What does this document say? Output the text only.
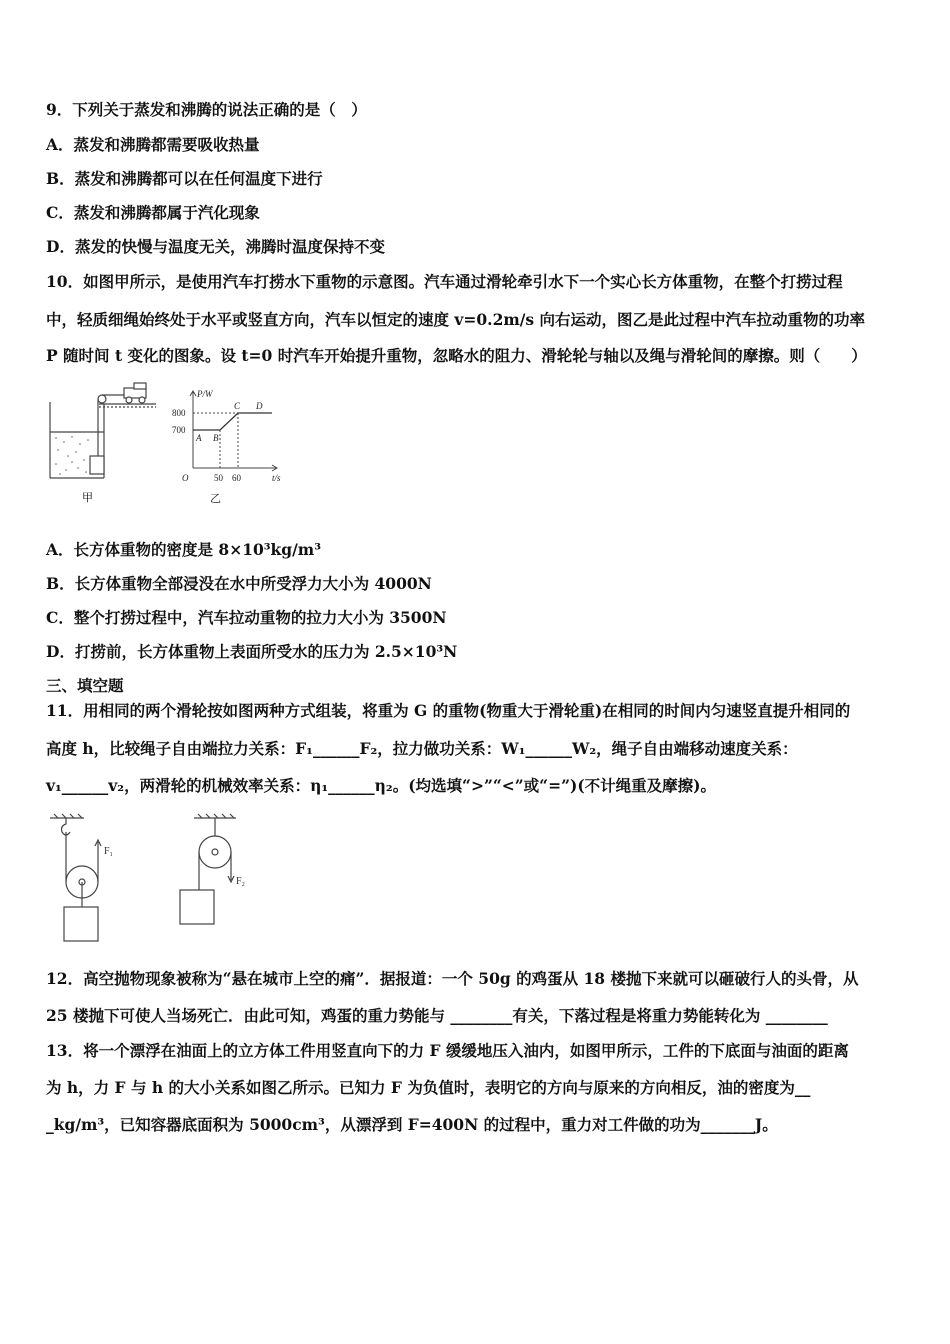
9．下列关于蒸发和沸腾的说法正确的是（　）
A．蒸发和沸腾都需要吸收热量
B．蒸发和沸腾都可以在任何温度下进行
C．蒸发和沸腾都属于汽化现象
D．蒸发的快慢与温度无关，沸腾时温度保持不变
10．如图甲所示，是使用汽车打捞水下重物的示意图。汽车通过滑轮牵引水下一个实心长方体重物，在整个打捞过程
中，轻质细绳始终处于水平或竖直方向，汽车以恒定的速度 v=0.2m/s 向右运动，图乙是此过程中汽车拉动重物的功率
P 随时间 t 变化的图象。设 t=0 时汽车开始提升重物，忽略水的阻力、滑轮轮与轴以及绳与滑轮间的摩擦。则（　　）
甲
P/W
800
700
O	50 60	t/s
A B
C D
乙
A．长方体重物的密度是 8×10³kg/m³
B．长方体重物全部浸没在水中所受浮力大小为 4000N
C．整个打捞过程中，汽车拉动重物的拉力大小为 3500N
D．打捞前，长方体重物上表面所受水的压力为 2.5×10³N
三、填空题
11．用相同的两个滑轮按如图两种方式组装，将重为 G 的重物(物重大于滑轮重)在相同的时间内匀速竖直提升相同的
高度 h，比较绳子自由端拉力关系：F₁______F₂，拉力做功关系：W₁______W₂，绳子自由端移动速度关系：
v₁______v₂，两滑轮的机械效率关系：η₁______η₂。(均选填“>”“<”或“=”)(不计绳重及摩擦)。
F₁
F₂
12．高空抛物现象被称为“悬在城市上空的痛”．据报道：一个 50g 的鸡蛋从 18 楼抛下来就可以砸破行人的头骨，从
25 楼抛下可使人当场死亡．由此可知，鸡蛋的重力势能与 ________有关，下落过程是将重力势能转化为 ________
13．将一个漂浮在油面上的立方体工件用竖直向下的力 F 缓缓地压入油内，如图甲所示，工件的下底面与油面的距离
为 h，力 F 与 h 的大小关系如图乙所示。已知力 F 为负值时，表明它的方向与原来的方向相反，油的密度为__
_kg/m³，已知容器底面积为 5000cm³，从漂浮到 F=400N 的过程中，重力对工件做的功为_______J。
